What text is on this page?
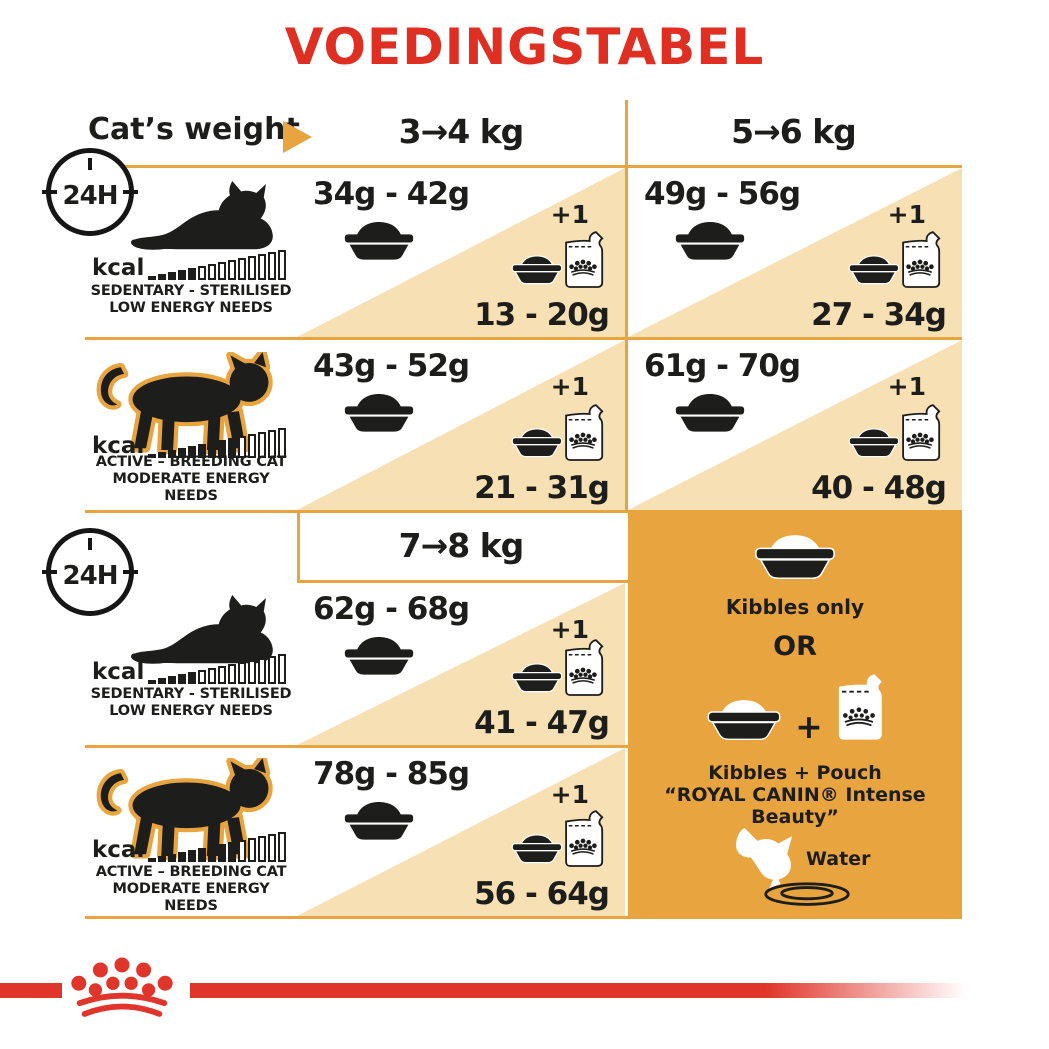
VOEDINGSTABEL
Cat’s weight	3→4 kg	5→6 kg
7→8 kg
24H
24H
kcal
SEDENTARY - STERILISED
LOW ENERGY NEEDS
kcal
ACTIVE – BREEDING CAT
MODERATE ENERGY NEEDS
kcal
SEDENTARY - STERILISED
LOW ENERGY NEEDS
kcal
ACTIVE – BREEDING CAT
MODERATE ENERGY NEEDS
34g - 42g
+1
13 - 20g
49g - 56g
+1
27 - 34g
43g - 52g
+1
21 - 31g
61g - 70g
+1
40 - 48g
62g - 68g
+1
41 - 47g
78g - 85g
+1
56 - 64g
Kibbles only
OR
+
Kibbles + Pouch
“ROYAL CANIN® Intense Beauty”
Water
